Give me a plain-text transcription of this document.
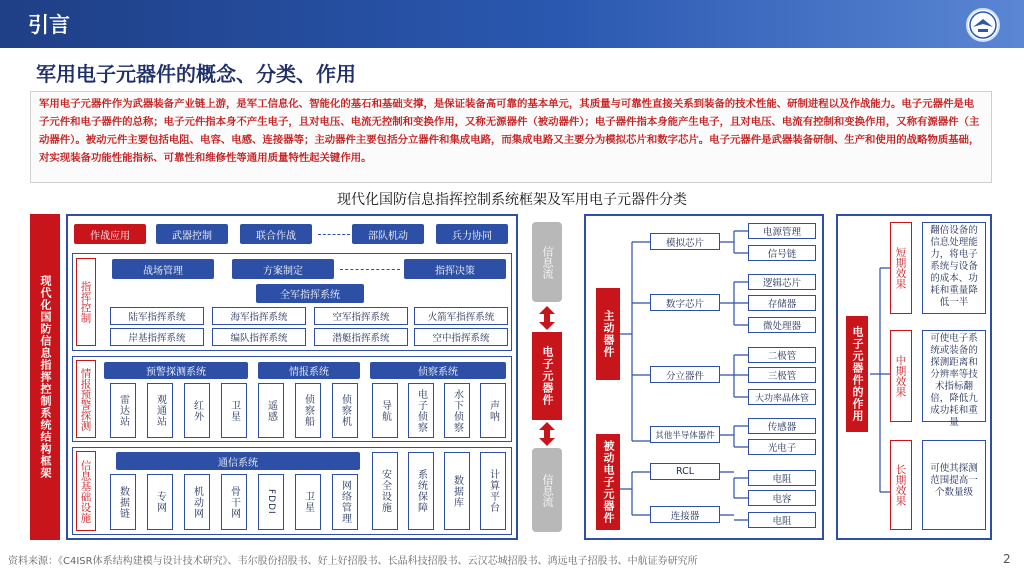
引言
军用电子元器件的概念、分类、作用
军用电子元器件作为武器装备产业链上游，是军工信息化、智能化的基石和基础支撑，是保证装备高可靠的基本单元，其质量与可靠性直接关系到装备的技术性能、研制进程以及作战能力。电子元器件是电子元件和电子器件的总称；电子元件指本身不产生电子，且对电压、电流无控制和变换作用，又称无源器件（被动器件）；电子器件指本身能产生电子，且对电压、电流有控制和变换作用，又称有源器件（主动器件）。被动元件主要包括电阻、电容、电感、连接器等；主动器件主要包括分立器件和集成电路，而集成电路又主要分为模拟芯片和数字芯片。电子元器件是武器装备研制、生产和使用的战略物质基础，对实现装备功能性能指标、可靠性和维修性等通用质量特性起关键作用。
现代化国防信息指挥控制系统框架及军用电子元器件分类
现代化国防信息指挥控制系统结构框架
作战应用	武器控制	联合作战	部队机动	兵力协同
指挥控制
战场管理	方案制定	指挥决策
全军指挥系统
陆军指挥系统	海军指挥系统	空军指挥系统	火箭军指挥系统
岸基指挥系统	编队指挥系统	潜艇指挥系统	空中指挥系统
情报预警探测	预警探测系统	情报系统	侦察系统
雷达站	观通站	红外	卫星	遥感	侦察船	侦察机	导航	电子侦察	水下侦察	声呐
信息基础设施	通信系统
数据链	专网	机动网	骨干网	FDDI	卫星	网络管理	安全设施	系统保障	数据库	计算平台
信息流
电子元器件
信息流
主动器件
被动电子元器件
模拟芯片
数字芯片
分立器件
其他半导体器件
RCL
连接器
电源管理
信号链
逻辑芯片
存储器
微处理器
二极管
三极管
大功率晶体管
传感器
光电子
电阻
电容
电阻
电子元器件的作用
短期效果
翻倍设备的信息处理能力，将电子系统与设备的成本、功耗和重量降低一半
中期效果
可使电子系统或装备的探测距离和分辨率等技术指标翻倍，降低九成功耗和重量
长期效果	可使其探测范围提高一个数量级
资料来源：《C4ISR体系结构建模与设计技术研究》、韦尔股份招股书、好上好招股书、长晶科技招股书、云汉芯城招股书、鸿远电子招股书、中航证券研究所	2
